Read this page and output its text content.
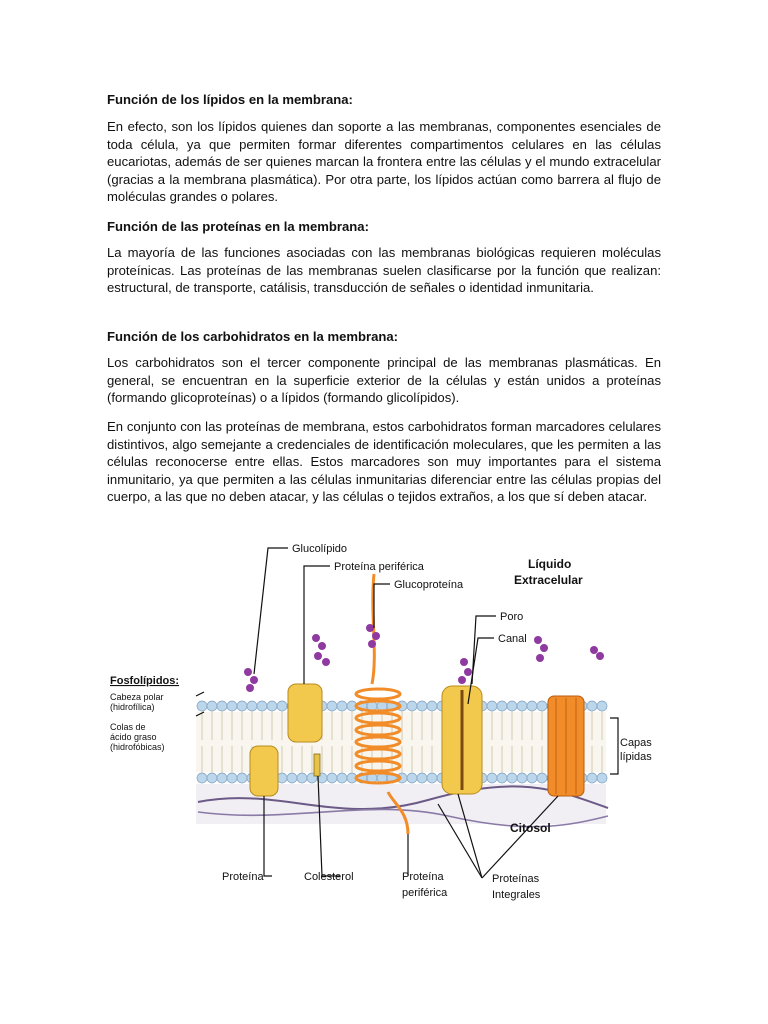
Función de los lípidos en la membrana:

En efecto, son los lípidos quienes dan soporte a las membranas, componentes esenciales de toda célula, ya que permiten formar diferentes compartimentos celulares en las células eucariotas, además de ser quienes marcan la frontera entre las células y el mundo extracelular (gracias a la membrana plasmática). Por otra parte, los lípidos actúan como barrera al flujo de moléculas grandes o polares.

Función de las proteínas en la membrana:

La mayoría de las funciones asociadas con las membranas biológicas requieren moléculas proteínicas. Las proteínas de las membranas suelen clasificarse por la función que realizan: estructural, de transporte, catálisis, transducción de señales o identidad inmunitaria.

Función de los carbohidratos en la membrana:

Los carbohidratos son el tercer componente principal de las membranas plasmáticas. En general, se encuentran en la superficie exterior de la células y están unidos a proteínas (formando glicoproteínas) o a lípidos (formando glicolípidos).

En conjunto con las proteínas de membrana, estos carbohidratos forman marcadores celulares distintivos, algo semejante a credenciales de identificación moleculares, que les permiten a las células reconocerse entre ellas. Estos marcadores son muy importantes para el sistema inmunitario, ya que permiten a las células inmunitarias diferenciar entre las células propias del cuerpo, a las que no deben atacar, y las células o tejidos extraños, a los que sí deben atacar.

Glucolípido
Proteína periférica
Glucoproteína
Líquido
Extracelular
Poro
Canal
Fosfolípidos:
Cabeza polar
(hidrofílica)
Colas de
ácido graso
(hidrofóbicas)	Capas
lípidas
Citosol
Proteína	Colesterol	Proteína
periférica
Proteínas
Integrales
